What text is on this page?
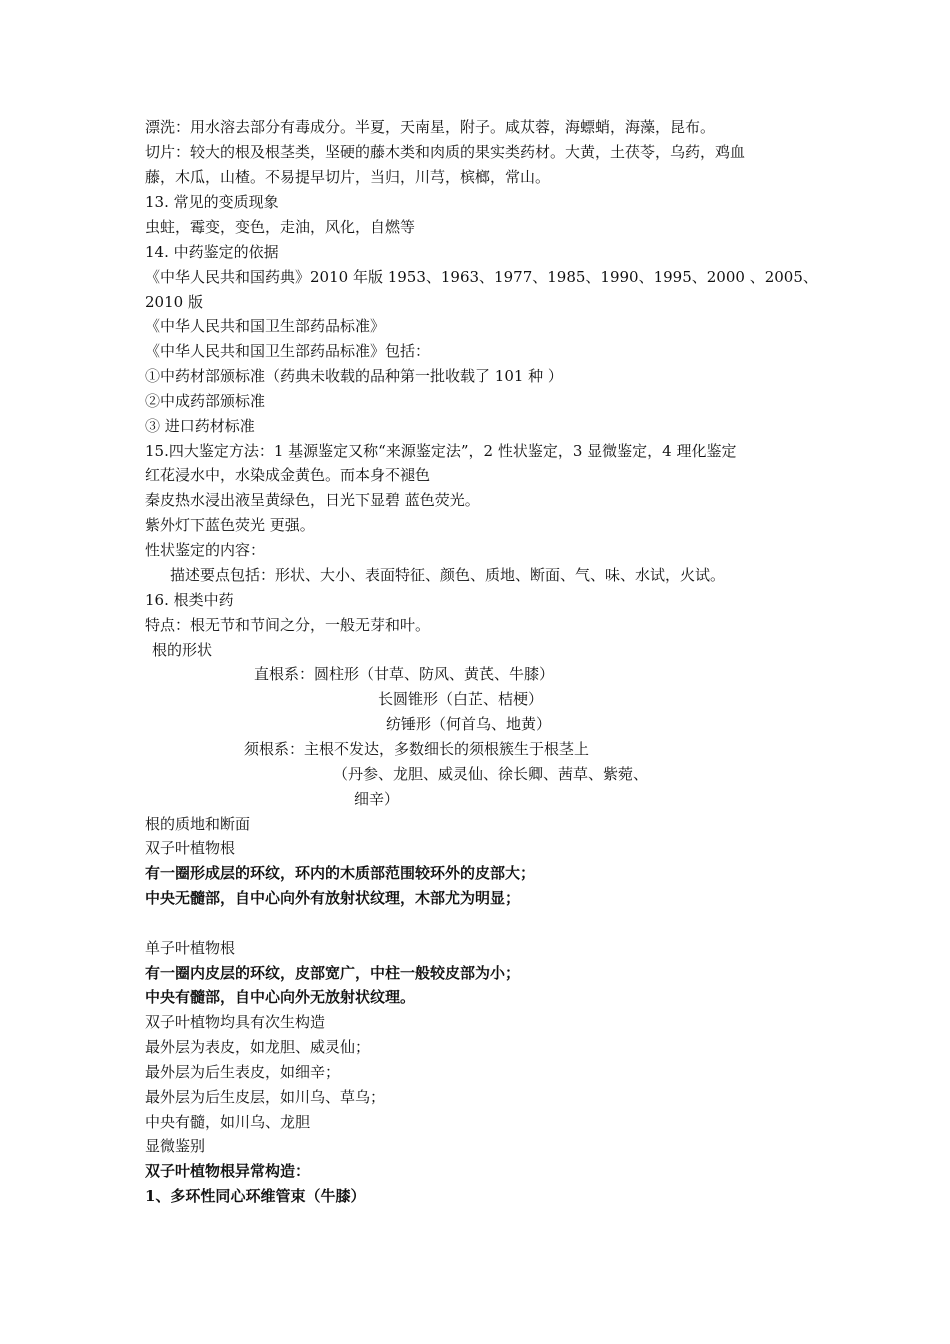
漂洗：用水溶去部分有毒成分。半夏，天南星，附子。咸苁蓉，海螵蛸，海藻，昆布。
切片：较大的根及根茎类，坚硬的藤木类和肉质的果实类药材。大黄，土茯苓，乌药，鸡血
藤，木瓜，山楂。不易提早切片，当归，川芎，槟榔，常山。
13. 常见的变质现象
虫蛀，霉变，变色，走油，风化，自燃等
14. 中药鉴定的依据
《中华人民共和国药典》2010 年版 1953、1963、1977、1985、1990、1995、2000 、2005、
2010 版
《中华人民共和国卫生部药品标准》
《中华人民共和国卫生部药品标准》包括：
①中药材部颁标准（药典未收载的品种第一批收载了 101 种 ）
②中成药部颁标准
③ 进口药材标准
15.四大鉴定方法：1 基源鉴定又称“来源鉴定法”，2 性状鉴定，3 显微鉴定，4 理化鉴定
红花浸水中，水染成金黄色。而本身不褪色
秦皮热水浸出液呈黄绿色，日光下显碧 蓝色荧光。
紫外灯下蓝色荧光 更强。
性状鉴定的内容：
描述要点包括：形状、大小、表面特征、颜色、质地、断面、气、味、水试，火试。
16. 根类中药
特点：根无节和节间之分，一般无芽和叶。
根的形状
直根系：圆柱形（甘草、防风、黄芪、牛膝）
长圆锥形（白芷、桔梗）
纺锤形（何首乌、地黄）
须根系：主根不发达，多数细长的须根簇生于根茎上
（丹参、龙胆、威灵仙、徐长卿、茜草、紫菀、
细辛）
根的质地和断面
双子叶植物根
有一圈形成层的环纹，环内的木质部范围较环外的皮部大；
中央无髓部，自中心向外有放射状纹理，木部尤为明显；
单子叶植物根
有一圈内皮层的环纹，皮部宽广，中柱一般较皮部为小；
中央有髓部，自中心向外无放射状纹理。
双子叶植物均具有次生构造
最外层为表皮，如龙胆、威灵仙；
最外层为后生表皮，如细辛；
最外层为后生皮层，如川乌、草乌；
中央有髓，如川乌、龙胆
显微鉴别
双子叶植物根异常构造：
1、多环性同心环维管束（牛膝）
